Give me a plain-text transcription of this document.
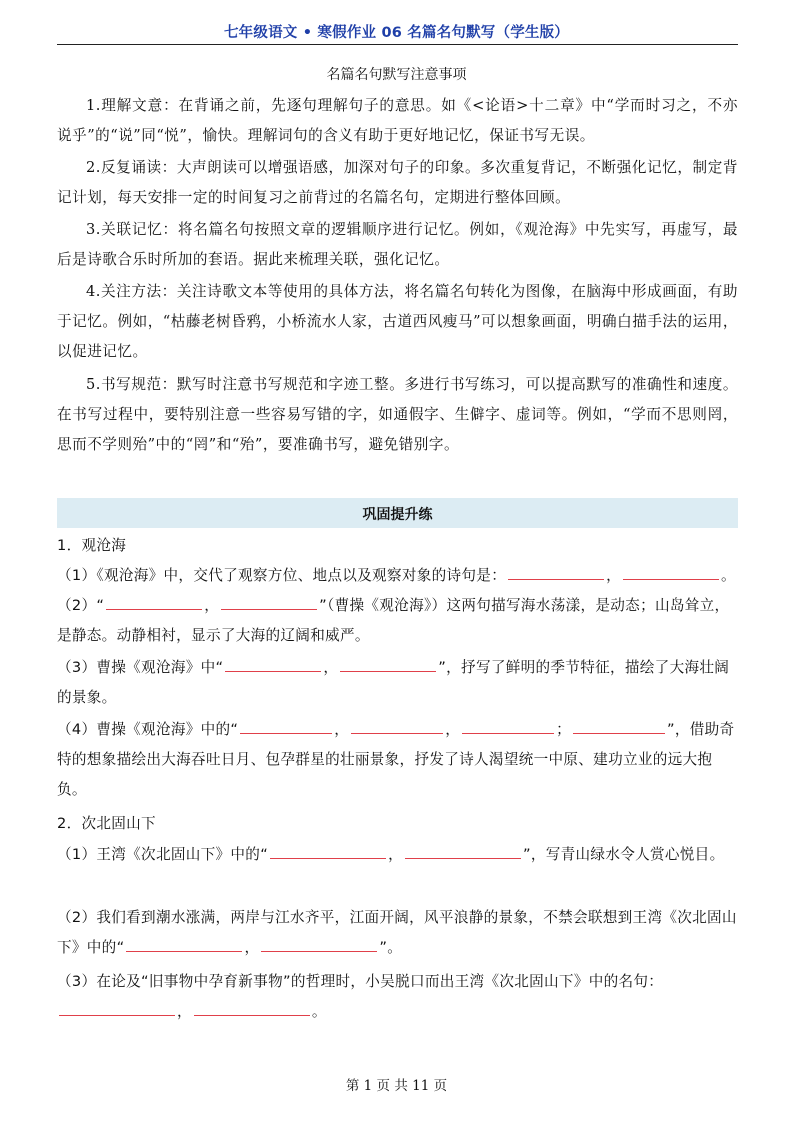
七年级语文 • 寒假作业 06 名篇名句默写（学生版）
名篇名句默写注意事项
1.理解文意：在背诵之前，先逐句理解句子的意思。如《<论语>十二章》中“学而时习之，不亦说乎”的“说”同“悦”，愉快。理解词句的含义有助于更好地记忆，保证书写无误。
2.反复诵读：大声朗读可以增强语感，加深对句子的印象。多次重复背记，不断强化记忆，制定背记计划，每天安排一定的时间复习之前背过的名篇名句，定期进行整体回顾。
3.关联记忆：将名篇名句按照文章的逻辑顺序进行记忆。例如，《观沧海》中先实写，再虚写，最后是诗歌合乐时所加的套语。据此来梳理关联，强化记忆。
4.关注方法：关注诗歌文本等使用的具体方法，将名篇名句转化为图像，在脑海中形成画面，有助于记忆。例如，“枯藤老树昏鸦，小桥流水人家，古道西风瘦马”可以想象画面，明确白描手法的运用，以促进记忆。
5.书写规范：默写时注意书写规范和字迹工整。多进行书写练习，可以提高默写的准确性和速度。在书写过程中，要特别注意一些容易写错的字，如通假字、生僻字、虚词等。例如，“学而不思则罔，思而不学则殆”中的“罔”和“殆”，要准确书写，避免错别字。
巩固提升练
1．观沧海
（1）《观沧海》中，交代了观察方位、地点以及观察对象的诗句是：	，	。
（2）“	，	”（曹操《观沧海》）这两句描写海水荡漾，是动态；山岛耸立，是静态。动静相衬，显示了大海的辽阔和威严。
（3）曹操《观沧海》中“	，	”，抒写了鲜明的季节特征，描绘了大海壮阔的景象。
（4）曹操《观沧海》中的“	，	，	；	”，借助奇特的想象描绘出大海吞吐日月、包孕群星的壮丽景象，抒发了诗人渴望统一中原、建功立业的远大抱负。
2．次北固山下
（1）王湾《次北固山下》中的“	，	”，写青山绿水令人赏心悦目。
（2）我们看到潮水涨满，两岸与江水齐平，江面开阔，风平浪静的景象，不禁会联想到王湾《次北固山下》中的“	，	”。
（3）在论及“旧事物中孕育新事物”的哲理时，小吴脱口而出王湾《次北固山下》中的名句：，	。
第 1 页 共 11 页
